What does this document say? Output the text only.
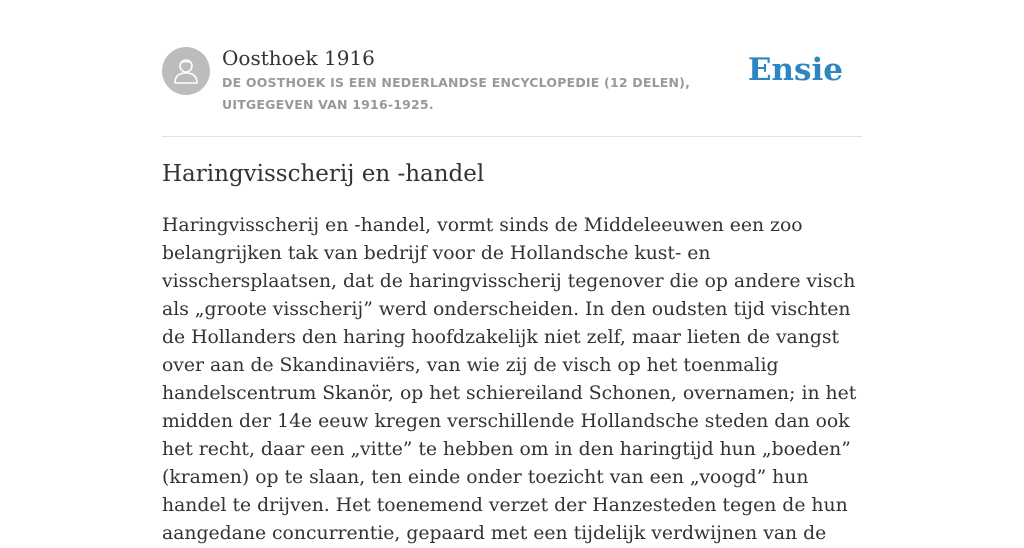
Oosthoek 1916
DE OOSTHOEK IS EEN NEDERLANDSE ENCYCLOPEDIE (12 DELEN), UITGEGEVEN VAN 1916-1925.
Ensie
Haringvisscherij en -handel

Haringvisscherij en -handel, vormt sinds de Middeleeuwen een zoo belangrijken tak van bedrijf voor de Hollandsche kust- en visschersplaatsen, dat de haringvisscherij tegenover die op andere visch als „groote visscherij” werd onderscheiden. In den oudsten tijd vischten de Hollanders den haring hoofdzakelijk niet zelf, maar lieten de vangst over aan de Skandinaviërs, van wie zij de visch op het toenmalig handelscentrum Skanör, op het schiereiland Schonen, overnamen; in het midden der 14e eeuw kregen verschillende Hollandsche steden dan ook het recht, daar een „vitte” te hebben om in den haringtijd hun „boeden” (kramen) op te slaan, ten einde onder toezicht van een „voogd” hun handel te drijven. Het toenemend verzet der Hanzesteden tegen de hun aangedane concurrentie, gepaard met een tijdelijk verdwijnen van de
